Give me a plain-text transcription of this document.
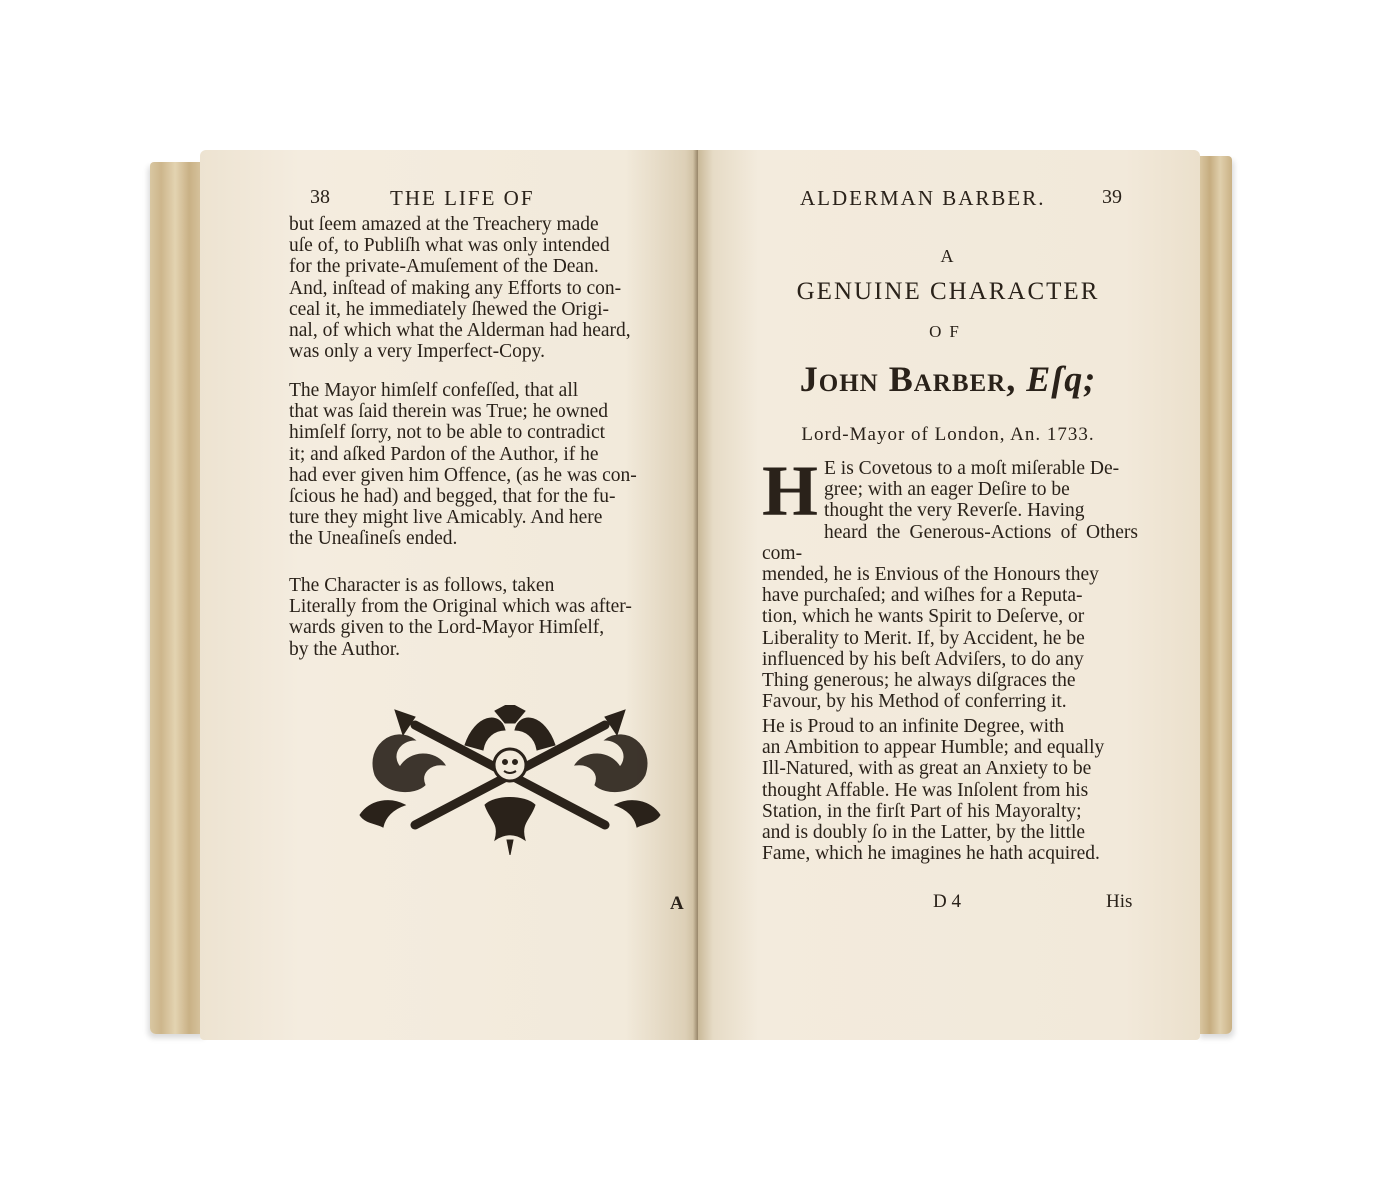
38	THE LIFE OF

but ſeem amazed at the Treachery made

uſe of, to Publiſh what was only intended

for the private-Amuſement of the Dean.

And, inſtead of making any Efforts to con-

ceal it, he immediately ſhewed the Origi-

nal, of which what the Alderman had heard,

was only a very Imperfect-Copy.

The Mayor himſelf confeſſed, that all

that was ſaid therein was True; he owned

himſelf ſorry, not to be able to contradict

it; and aſked Pardon of the Author, if he

had ever given him Offence, (as he was con-

ſcious he had) and begged, that for the fu-

ture they might live Amicably. And here

the Uneaſineſs ended.

The Character is as follows, taken

Literally from the Original which was after-

wards given to the Lord-Mayor Himſelf,

by the Author.

A
ALDERMAN BARBER.	39
A
GENUINE CHARACTER
OF
John Barber, Eſq;
Lord-Mayor of London, An. 1733.
H E is Covetous to a moſt miſerable De-

gree; with an eager Deſire to be

thought the very Reverſe. Having

heard the Generous-Actions of Others com-

mended, he is Envious of the Honours they

have purchaſed; and wiſhes for a Reputa-

tion, which he wants Spirit to Deſerve, or

Liberality to Merit. If, by Accident, he be

influenced by his beſt Adviſers, to do any

Thing generous; he always diſgraces the

Favour, by his Method of conferring it.

He is Proud to an infinite Degree, with

an Ambition to appear Humble; and equally

Ill-Natured, with as great an Anxiety to be

thought Affable. He was Inſolent from his

Station, in the firſt Part of his Mayoralty;

and is doubly ſo in the Latter, by the little

Fame, which he imagines he hath acquired.

D 4	His
